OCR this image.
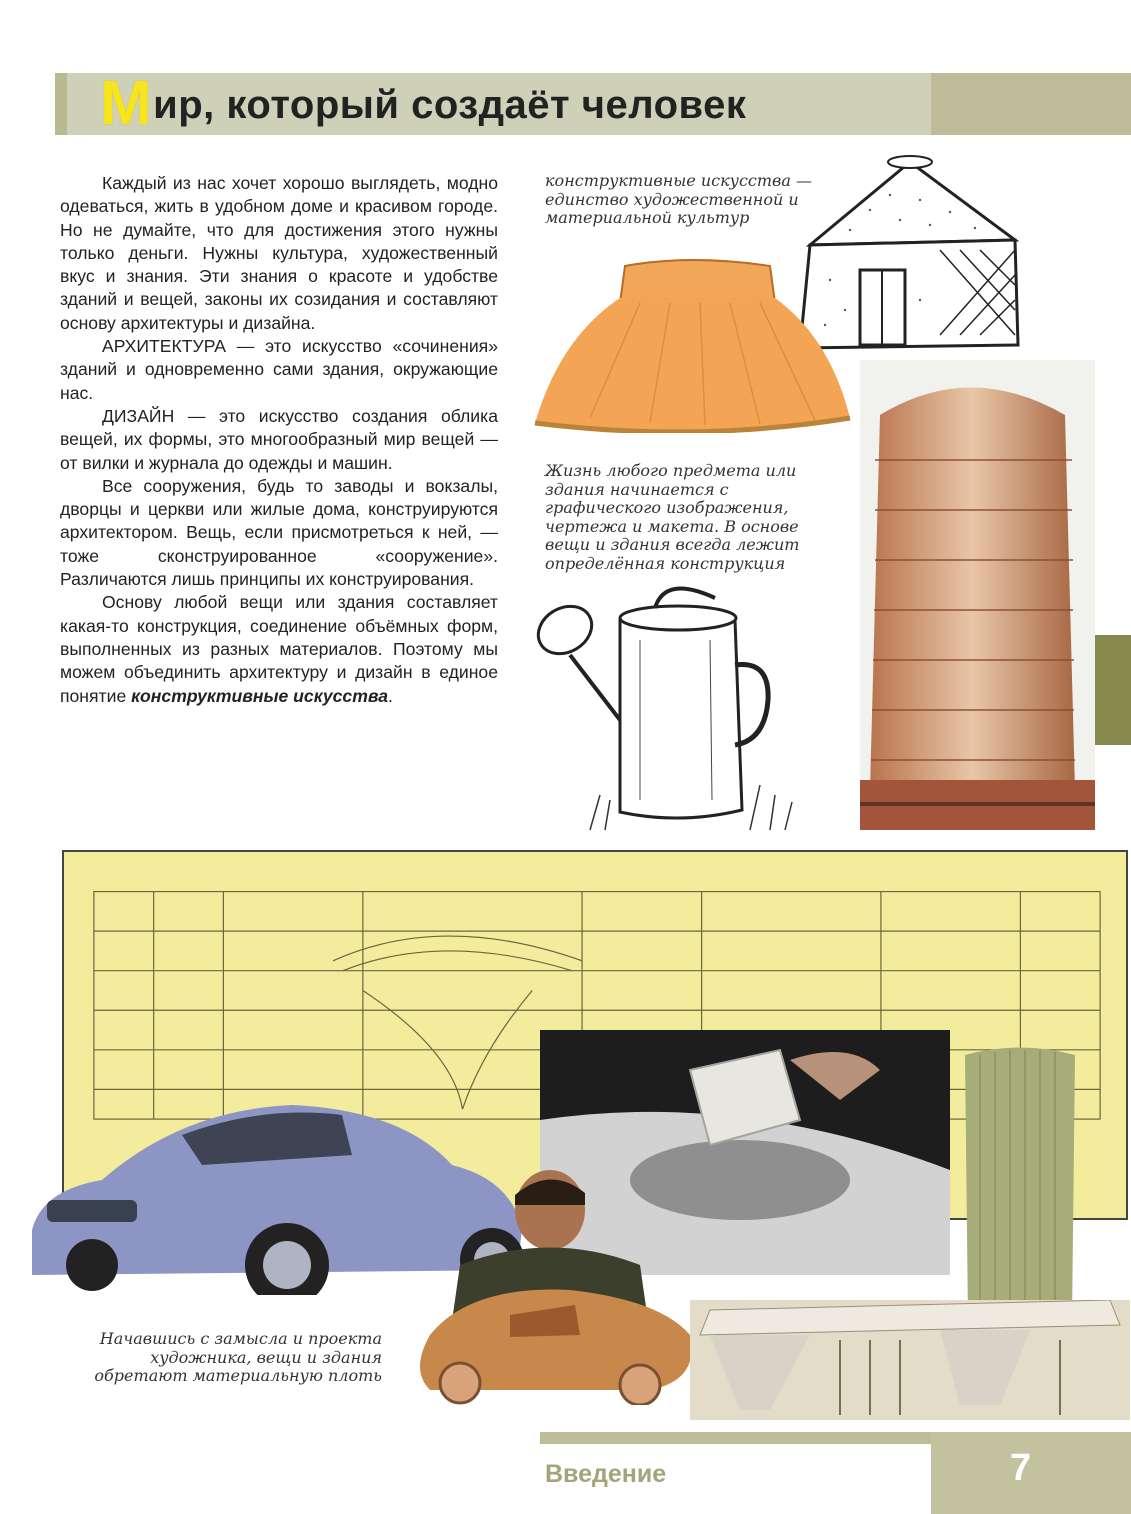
Мир, который создаёт человек

Каждый из нас хочет хорошо выглядеть, модно одеваться, жить в удобном доме и красивом городе. Но не думайте, что для достижения этого нужны только деньги. Нужны культура, художественный вкус и знания. Эти знания о красоте и удобстве зданий и вещей, законы их созидания и составляют основу архитектуры и дизайна.

АРХИТЕКТУРА — это искусство «сочинения» зданий и одновременно сами здания, окружающие нас.

ДИЗАЙН — это искусство создания облика вещей, их формы, это многообразный мир вещей — от вилки и журнала до одежды и машин.

Все сооружения, будь то заводы и вокзалы, дворцы и церкви или жилые дома, конструируются архитектором. Вещь, если присмотреться к ней, — тоже сконструированное «сооружение». Различаются лишь принципы их конструирования.

Основу любой вещи или здания составляет какая-то конструкция, соединение объёмных форм, выполненных из разных материалов. Поэтому мы можем объединить архитектуру и дизайн в единое понятие конструктивные искусства.

конструктивные искусства — единство художественной и материальной культур
Жизнь любого предмета или здания начинается с графического изображения, чертежа и макета. В основе вещи и здания всегда лежит определённая конструкция
Начавшись с замысла и проекта художника, вещи и здания обретают материальную плоть
Введение	7
